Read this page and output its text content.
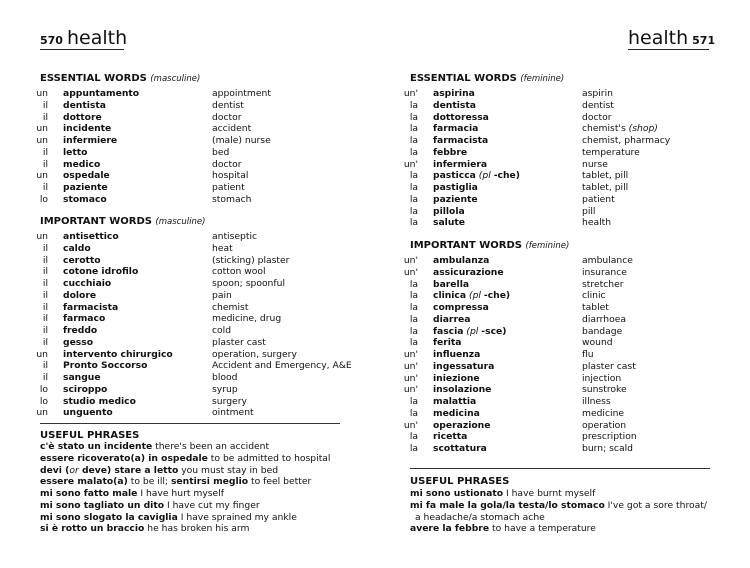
570 health
ESSENTIAL WORDS (masculine)
un appuntamento	appointment
il dentista	dentist
il dottore	doctor
un incidente	accident
un infermiere	(male) nurse
il letto	bed
il medico	doctor
un ospedale	hospital
il paziente	patient
lo stomaco	stomach
IMPORTANT WORDS (masculine)
un antisettico	antiseptic
il caldo	heat
il cerotto	(sticking) plaster
il cotone idrofilo	cotton wool
il cucchiaio	spoon; spoonful
il dolore	pain
il farmacista	chemist
il farmaco	medicine, drug
il freddo	cold
il gesso	plaster cast
un intervento chirurgico	operation, surgery
il Pronto Soccorso	Accident and Emergency, A&E
il sangue	blood
lo sciroppo	syrup
lo studio medico	surgery
un unguento	ointment
USEFUL PHRASES
c'è stato un incidente there's been an accident
essere ricoverato(a) in ospedale to be admitted to hospital
devi (or deve) stare a letto you must stay in bed
essere malato(a) to be ill; sentirsi meglio to feel better
mi sono fatto male I have hurt myself
mi sono tagliato un dito I have cut my finger
mi sono slogato la caviglia I have sprained my ankle
si è rotto un braccio he has broken his arm
health 571
ESSENTIAL WORDS (feminine)
un' aspirina	aspirin
la dentista	dentist
la dottoressa	doctor
la farmacia	chemist's (shop)
la farmacista	chemist, pharmacy
la febbre	temperature
un' infermiera	nurse
la pasticca (pl -che)	tablet, pill
la pastiglia	tablet, pill
la paziente	patient
la pillola	pill
la salute	health
IMPORTANT WORDS (feminine)
un' ambulanza	ambulance
un' assicurazione	insurance
la barella	stretcher
la clinica (pl -che)	clinic
la compressa	tablet
la diarrea	diarrhoea
la fascia (pl -sce)	bandage
la ferita	wound
un' influenza	flu
un' ingessatura	plaster cast
un' iniezione	injection
un' insolazione	sunstroke
la malattia	illness
la medicina	medicine
un' operazione	operation
la ricetta	prescription
la scottatura	burn; scald
USEFUL PHRASES
mi sono ustionato I have burnt myself
mi fa male la gola/la testa/lo stomaco I've got a sore throat/
a headache/a stomach ache
avere la febbre to have a temperature
